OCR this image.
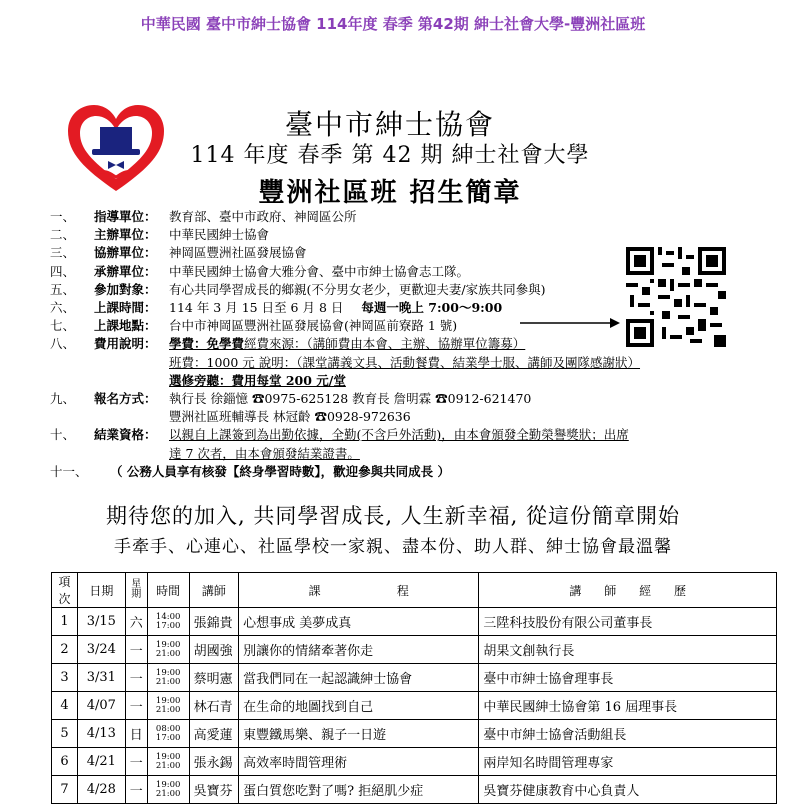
中華民國 臺中市紳士協會 114年度 春季 第42期 紳士社會大學-豐洲社區班
臺中市紳士協會
114 年度 春季 第 42 期 紳士社會大學
豐洲社區班 招生簡章
一、	指導單位： 教育部、臺中市政府、神岡區公所
二、	主辦單位： 中華民國紳士協會
三、	協辦單位： 神岡區豐洲社區發展協會
四、	承辦單位： 中華民國紳士協會大雅分會、臺中市紳士協會志工隊。
五、	參加對象： 有心共同學習成長的鄉親(不分男女老少，更歡迎夫妻/家族共同參與)
六、	上課時間： 114 年 3 月 15 日至 6 月 8 日 每週一晚上 7:00～9:00
七、	上課地點： 台中市神岡區豐洲社區發展協會(神岡區前寮路 1 號)
八、	費用說明： 學費：免學費 經費來源：（講師費由本會、主辦、協辦單位籌募）
班費：1000 元 說明：（課堂講義文具、活動餐費、結業學士服、講師及團隊感謝狀）
選修旁聽：費用每堂 200 元/堂
九、	報名方式： 執行長 徐錙憶 ☎0975-625128 教育長 詹明霖 ☎0912-621470
豐洲社區班輔導長 林冠齡 ☎0928-972636
十、	結業資格： 以親自上課簽到為出勤依據，全勤(不含戶外活動)，由本會頒發全勤榮譽獎狀；出席
達 7 次者，由本會頒發結業證書。
十一、	（ 公務人員享有核發【終身學習時數】，歡迎參與共同成長 ）
期待您的加入, 共同學習成長, 人生新幸福, 從這份簡章開始
手牽手、心連心、社區學校一家親、盡本份、助人群、紳士協會最溫馨
項次	日期	星期	時間	講師	課                    程	講      師      經      歷
1	3/15	六	14:00
17:00	張錦貴	心想事成 美夢成真	三陞科技股份有限公司董事長
2	3/24	一	19:00
21:00	胡國強	別讓你的情緒牽著你走	胡果文創執行長
3	3/31	一	19:00
21:00	蔡明憲	當我們同在一起認識紳士協會	臺中市紳士協會理事長
4	4/07	一	19:00
21:00	林石青	在生命的地圖找到自己	中華民國紳士協會第 16 屆理事長
5	4/13	日	08:00
17:00	高愛蓮	東豐鐵馬樂、親子一日遊	臺中市紳士協會活動組長
6	4/21	一	19:00
21:00	張永錫	高效率時間管理術	兩岸知名時間管理專家
7	4/28	一	19:00
21:00	吳寶芬	蛋白質您吃對了嗎? 拒絕肌少症	吳寶芬健康教育中心負責人
